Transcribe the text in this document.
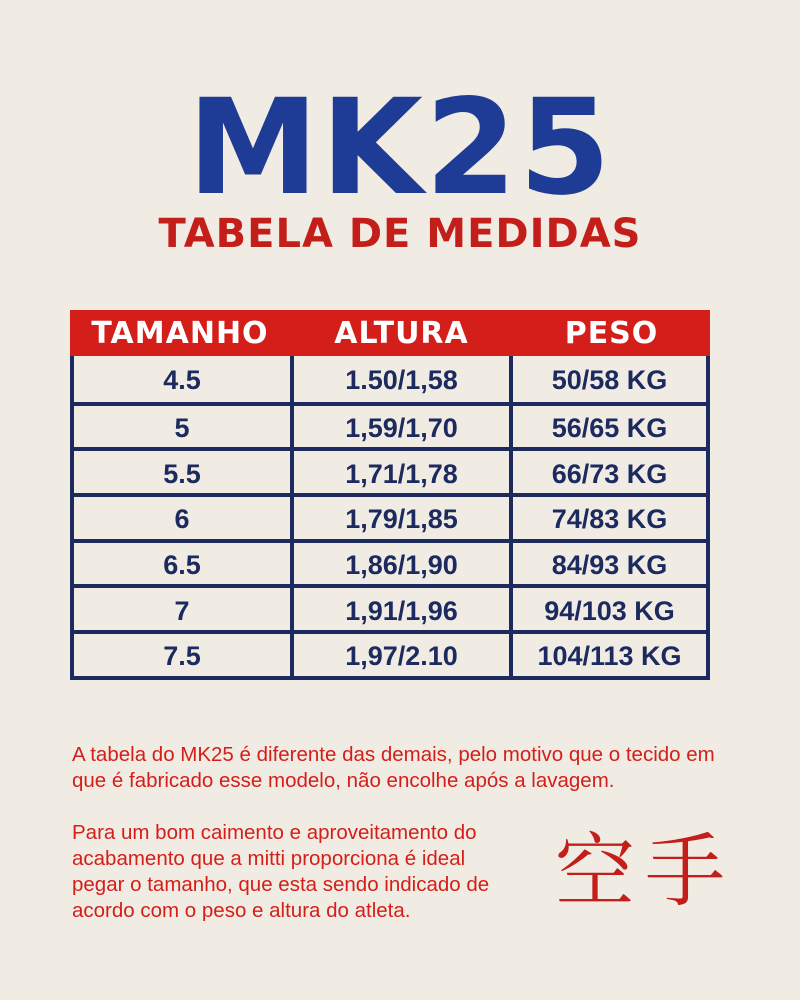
MK25
TABELA DE MEDIDAS
TAMANHO	ALTURA	PESO
4.5	1.50/1,58	50/58 KG
5	1,59/1,70	56/65 KG
5.5	1,71/1,78	66/73 KG
6	1,79/1,85	74/83 KG
6.5	1,86/1,90	84/93 KG
7	1,91/1,96	94/103 KG
7.5	1,97/2.10	104/113 KG
A tabela do MK25 é diferente das demais, pelo motivo que o tecido em que é fabricado esse modelo, não encolhe após a lavagem.
Para um bom caimento e aproveitamento do acabamento que a mitti proporciona é ideal pegar o tamanho, que esta sendo indicado de acordo com o peso e altura do atleta.	空手
